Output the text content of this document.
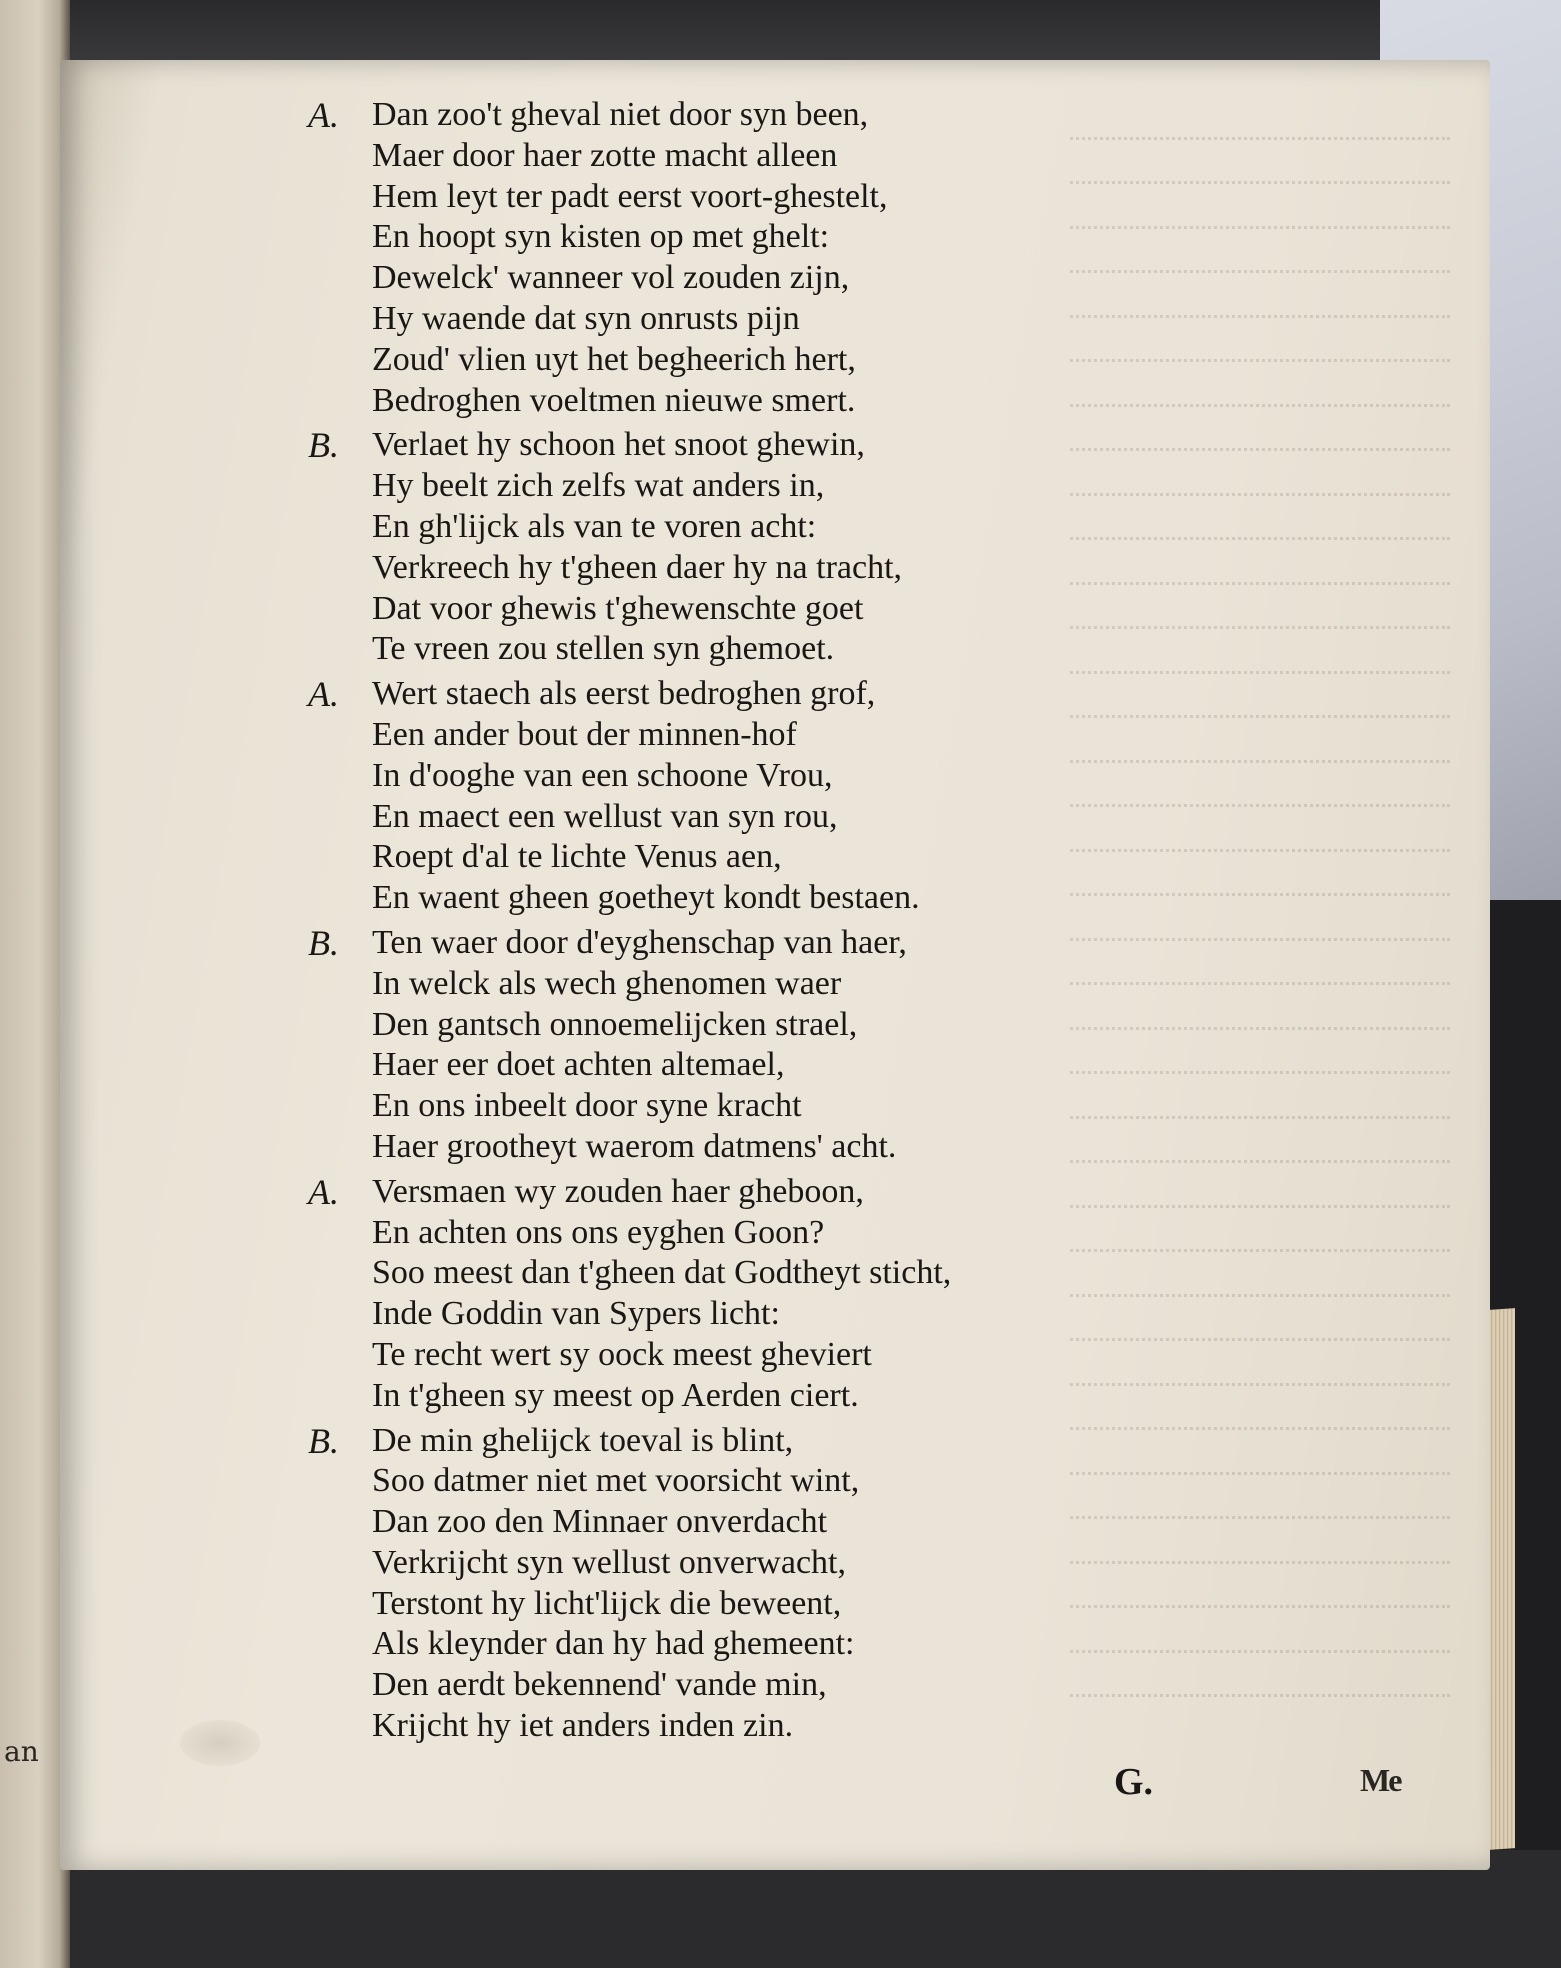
an
A. Dan zoo't gheval niet door syn been,
Maer door haer zotte macht alleen
Hem leyt ter padt eerst voort-ghestelt,
En hoopt syn kisten op met ghelt:
Dewelck' wanneer vol zouden zijn,
Hy waende dat syn onrusts pijn
Zoud' vlien uyt het begheerich hert,
Bedroghen voeltmen nieuwe smert.
B. Verlaet hy schoon het snoot ghewin,
Hy beelt zich zelfs wat anders in,
En gh'lijck als van te voren acht:
Verkreech hy t'gheen daer hy na tracht,
Dat voor ghewis t'ghewenschte goet
Te vreen zou stellen syn ghemoet.
A. Wert staech als eerst bedroghen grof,
Een ander bout der minnen-hof
In d'ooghe van een schoone Vrou,
En maect een wellust van syn rou,
Roept d'al te lichte Venus aen,
En waent gheen goetheyt kondt bestaen.
B. Ten waer door d'eyghenschap van haer,
In welck als wech ghenomen waer
Den gantsch onnoemelijcken strael,
Haer eer doet achten altemael,
En ons inbeelt door syne kracht
Haer grootheyt waerom datmens' acht.
A. Versmaen wy zouden haer gheboon,
En achten ons ons eyghen Goon?
Soo meest dan t'gheen dat Godtheyt sticht,
Inde Goddin van Sypers licht:
Te recht wert sy oock meest gheviert
In t'gheen sy meest op Aerden ciert.
B. De min ghelijck toeval is blint,
Soo datmer niet met voorsicht wint,
Dan zoo den Minnaer onverdacht
Verkrijcht syn wellust onverwacht,
Terstont hy licht'lijck die beweent,
Als kleynder dan hy had ghemeent:
Den aerdt bekennend' vande min,
Krijcht hy iet anders inden zin.
G.	Me
